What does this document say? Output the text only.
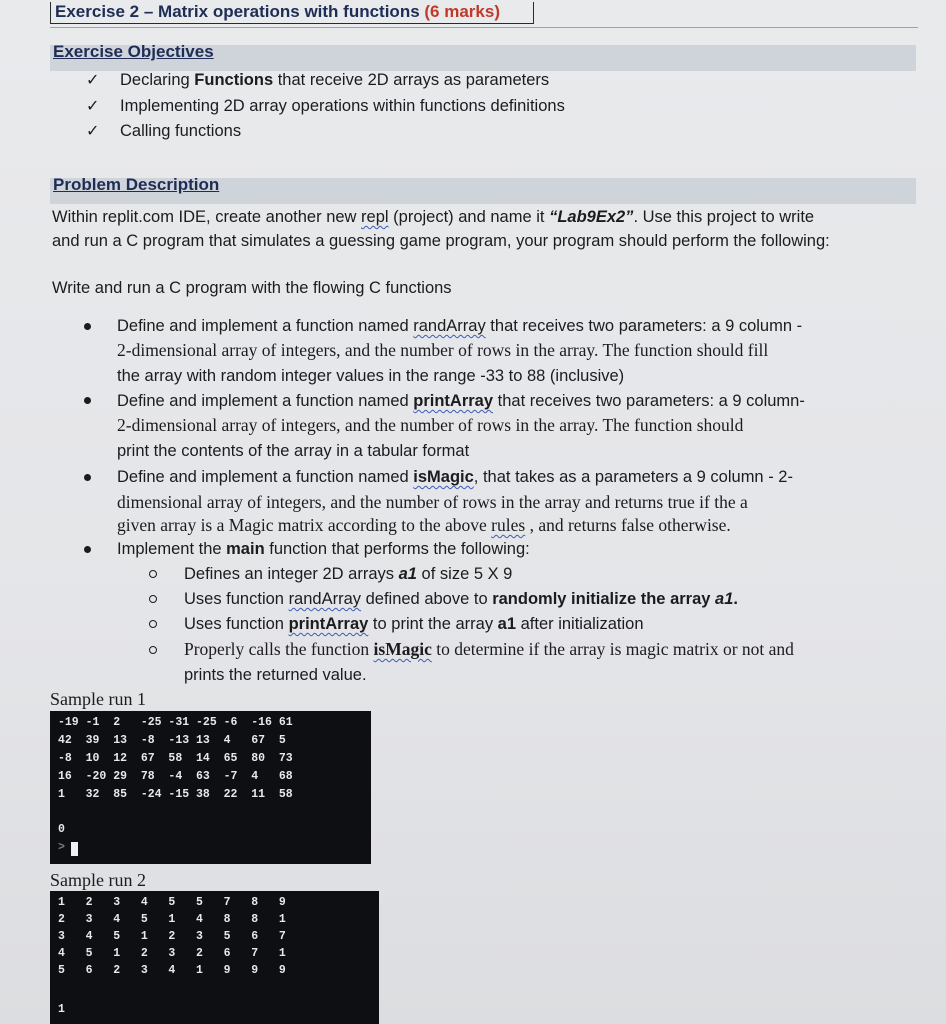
Exercise 2 – Matrix operations with functions (6 marks)
Exercise Objectives
✓ Declaring Functions that receive 2D arrays as parameters
✓ Implementing 2D array operations within functions definitions
✓ Calling functions
Problem Description
Within replit.com IDE, create another new repl (project) and name it “Lab9Ex2”. Use this project to write
and run a C program that simulates a guessing game program, your program should perform the following:
Write and run a C program with the flowing C functions
Define and implement a function named randArray that receives two parameters: a 9 column -
2-dimensional array of integers, and the number of rows in the array. The function should fill
the array with random integer values in the range -33 to 88 (inclusive)
Define and implement a function named printArray that receives two parameters: a 9 column-
2-dimensional array of integers, and the number of rows in the array. The function should
print the contents of the array in a tabular format
Define and implement a function named isMagic, that takes as a parameters a 9 column - 2-
dimensional array of integers, and the number of rows in the array and returns true if the a
given array is a Magic matrix according to the above rules , and returns false otherwise.
Implement the main function that performs the following:
Defines an integer 2D arrays a1 of size 5 X 9
Uses function randArray defined above to randomly initialize the array a1.
Uses function printArray to print the array a1 after initialization
Properly calls the function isMagic to determine if the array is magic matrix or not and
prints the returned value.
Sample run 1
-19 -1  2   -25 -31 -25 -6  -16 61
42  39  13  -8  -13 13  4   67  5
-8  10  12  67  58  14  65  80  73
16  -20 29  78  -4  63  -7  4   68
1   32  85  -24 -15 38  22  11  58
0
>
Sample run 2
1   2   3   4   5   5   7   8   9
2   3   4   5   1   4   8   8   1
3   4   5   1   2   3   5   6   7
4   5   1   2   3   2   6   7   1
5   6   2   3   4   1   9   9   9
1
